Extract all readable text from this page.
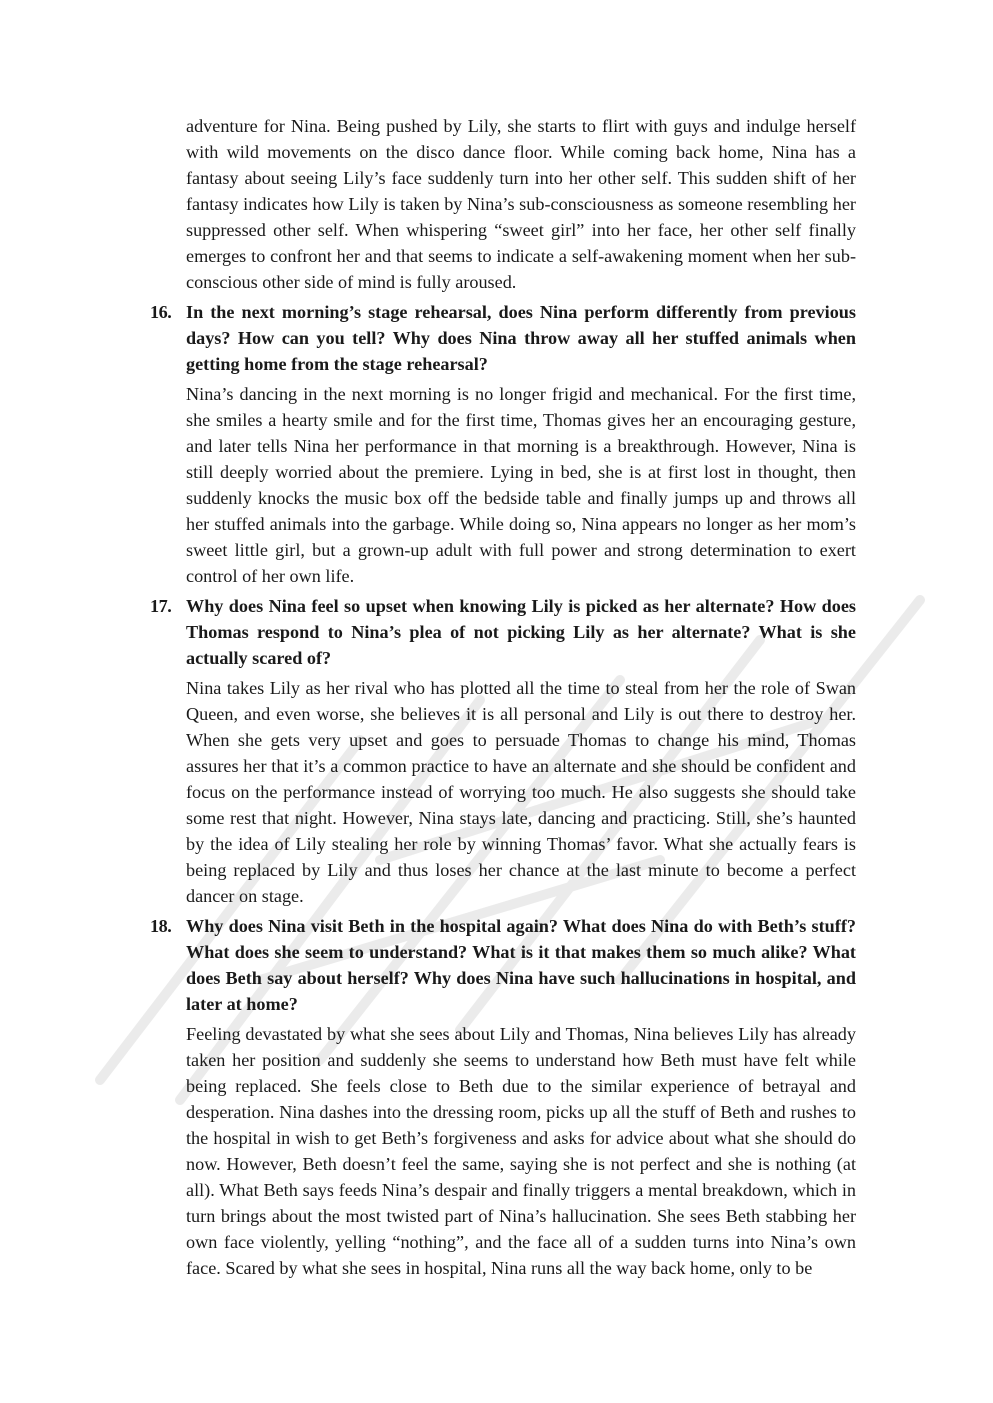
adventure for Nina. Being pushed by Lily, she starts to flirt with guys and indulge herself with wild movements on the disco dance floor. While coming back home, Nina has a fantasy about seeing Lily’s face suddenly turn into her other self. This sudden shift of her fantasy indicates how Lily is taken by Nina’s sub-consciousness as someone resembling her suppressed other self. When whispering “sweet girl” into her face, her other self finally emerges to confront her and that seems to indicate a self-awakening moment when her sub-conscious other side of mind is fully aroused.

16. In the next morning’s stage rehearsal, does Nina perform differently from previous days? How can you tell? Why does Nina throw away all her stuffed animals when getting home from the stage rehearsal?

Nina’s dancing in the next morning is no longer frigid and mechanical. For the first time, she smiles a hearty smile and for the first time, Thomas gives her an encouraging gesture, and later tells Nina her performance in that morning is a breakthrough. However, Nina is still deeply worried about the premiere. Lying in bed, she is at first lost in thought, then suddenly knocks the music box off the bedside table and finally jumps up and throws all her stuffed animals into the garbage. While doing so, Nina appears no longer as her mom’s sweet little girl, but a grown-up adult with full power and strong determination to exert control of her own life.

17. Why does Nina feel so upset when knowing Lily is picked as her alternate? How does Thomas respond to Nina’s plea of not picking Lily as her alternate? What is she actually scared of?

Nina takes Lily as her rival who has plotted all the time to steal from her the role of Swan Queen, and even worse, she believes it is all personal and Lily is out there to destroy her. When she gets very upset and goes to persuade Thomas to change his mind, Thomas assures her that it’s a common practice to have an alternate and she should be confident and focus on the performance instead of worrying too much. He also suggests she should take some rest that night. However, Nina stays late, dancing and practicing. Still, she’s haunted by the idea of Lily stealing her role by winning Thomas’ favor. What she actually fears is being replaced by Lily and thus loses her chance at the last minute to become a perfect dancer on stage.

18. Why does Nina visit Beth in the hospital again? What does Nina do with Beth’s stuff? What does she seem to understand? What is it that makes them so much alike? What does Beth say about herself? Why does Nina have such hallucinations in hospital, and later at home?

Feeling devastated by what she sees about Lily and Thomas, Nina believes Lily has already taken her position and suddenly she seems to understand how Beth must have felt while being replaced. She feels close to Beth due to the similar experience of betrayal and desperation. Nina dashes into the dressing room, picks up all the stuff of Beth and rushes to the hospital in wish to get Beth’s forgiveness and asks for advice about what she should do now. However, Beth doesn’t feel the same, saying she is not perfect and she is nothing (at all). What Beth says feeds Nina’s despair and finally triggers a mental breakdown, which in turn brings about the most twisted part of Nina’s hallucination. She sees Beth stabbing her own face violently, yelling “nothing”, and the face all of a sudden turns into Nina’s own face. Scared by what she sees in hospital, Nina runs all the way back home, only to be
